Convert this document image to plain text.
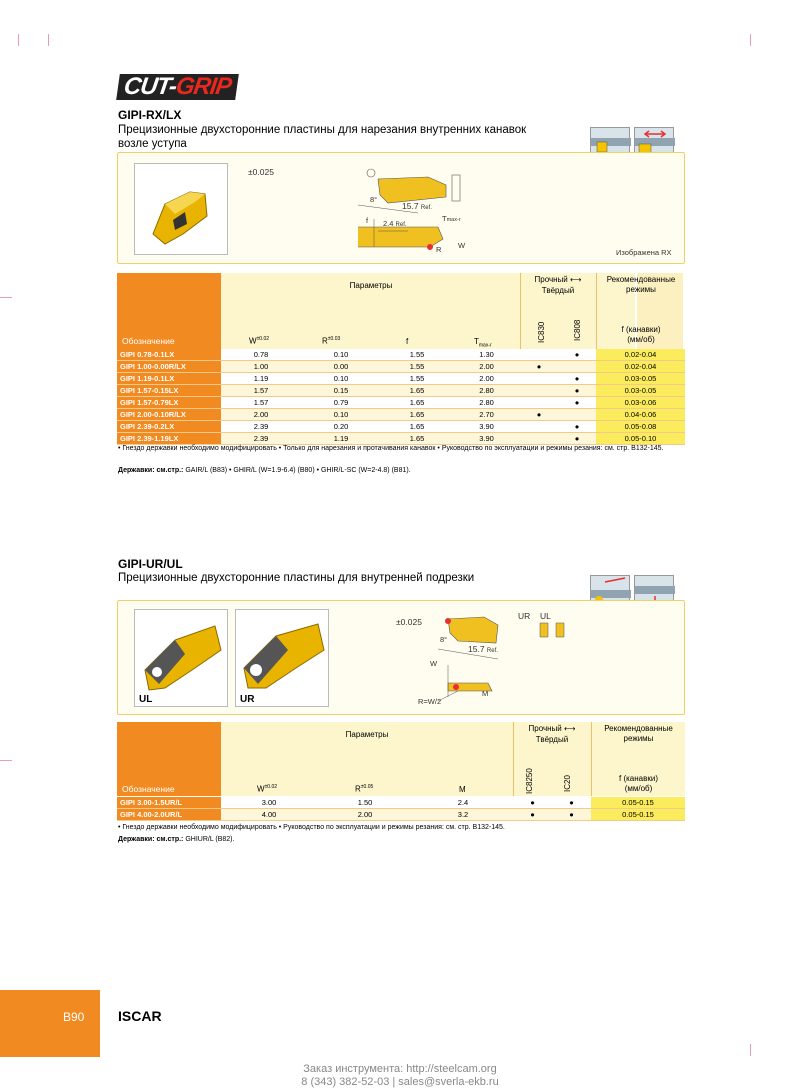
CUT-GRIP
GIPI-RX/LX
Прецизионные двухсторонние пластины для нарезания внутренних канавок возле уступа
±0.025
8°
15.7 Ref.
2.4 Ref.
f	Tmax-r
R W
Изображена RX
Параметры
Прочный ⟷
Твёрдый
Рекомендованные режимы
Обозначение	$W^{\pm 0.02}$	$R^{\pm 0.03}$	f	$T_{max-r}$
IC830	IC808	f (канавки)
(мм/об)
GIPI 0.78-0.1LX	0.78	0.10	1.55	1.30		●	0.02-0.04
GIPI 1.00-0.00R/LX	1.00	0.00	1.55	2.00	●		0.02-0.04
GIPI 1.19-0.1LX	1.19	0.10	1.55	2.00		●	0.03-0.05
GIPI 1.57-0.15LX	1.57	0.15	1.65	2.80		●	0.03-0.05
GIPI 1.57-0.79LX	1.57	0.79	1.65	2.80		●	0.03-0.06
GIPI 2.00-0.10R/LX	2.00	0.10	1.65	2.70	●		0.04-0.06
GIPI 2.39-0.2LX	2.39	0.20	1.65	3.90		●	0.05-0.08
GIPI 2.39-1.19LX	2.39	1.19	1.65	3.90		●	0.05-0.10
• Гнездо державки необходимо модифицировать • Только для нарезания и протачивания канавок • Руководство по эксплуатации и режимы резания: см. стр. B132-145.
Державки: см.стр.: GAIR/L (B83) • GHIR/L (W=1.9-6.4) (B80) • GHIR/L-SC (W=2-4.8) (B81).
GIPI-UR/UL
Прецизионные двухсторонние пластины для внутренней подрезки
UL	UR
±0.025
8°
15.7 Ref.
UR UL
W
M
R=W/2
Параметры
Прочный ⟷
Твёрдый
Рекомендованные режимы
Обозначение	$W^{\pm 0.02}$	$R^{\pm 0.05}$	M	IC8250	IC20	f (канавки)
(мм/об)
GIPI 3.00-1.5UR/L	3.00	1.50	2.4	●	●	0.05-0.15
GIPI 4.00-2.0UR/L	4.00	2.00	3.2	●	●	0.05-0.15
• Гнездо державки необходимо модифицировать • Руководство по эксплуатации и режимы резания: см. стр. B132-145.
Державки: см.стр.: GHIUR/L (B82).
B90 ISCAR
Заказ инструмента: http://steelcam.org
8 (343) 382-52-03 | sales@sverla-ekb.ru
